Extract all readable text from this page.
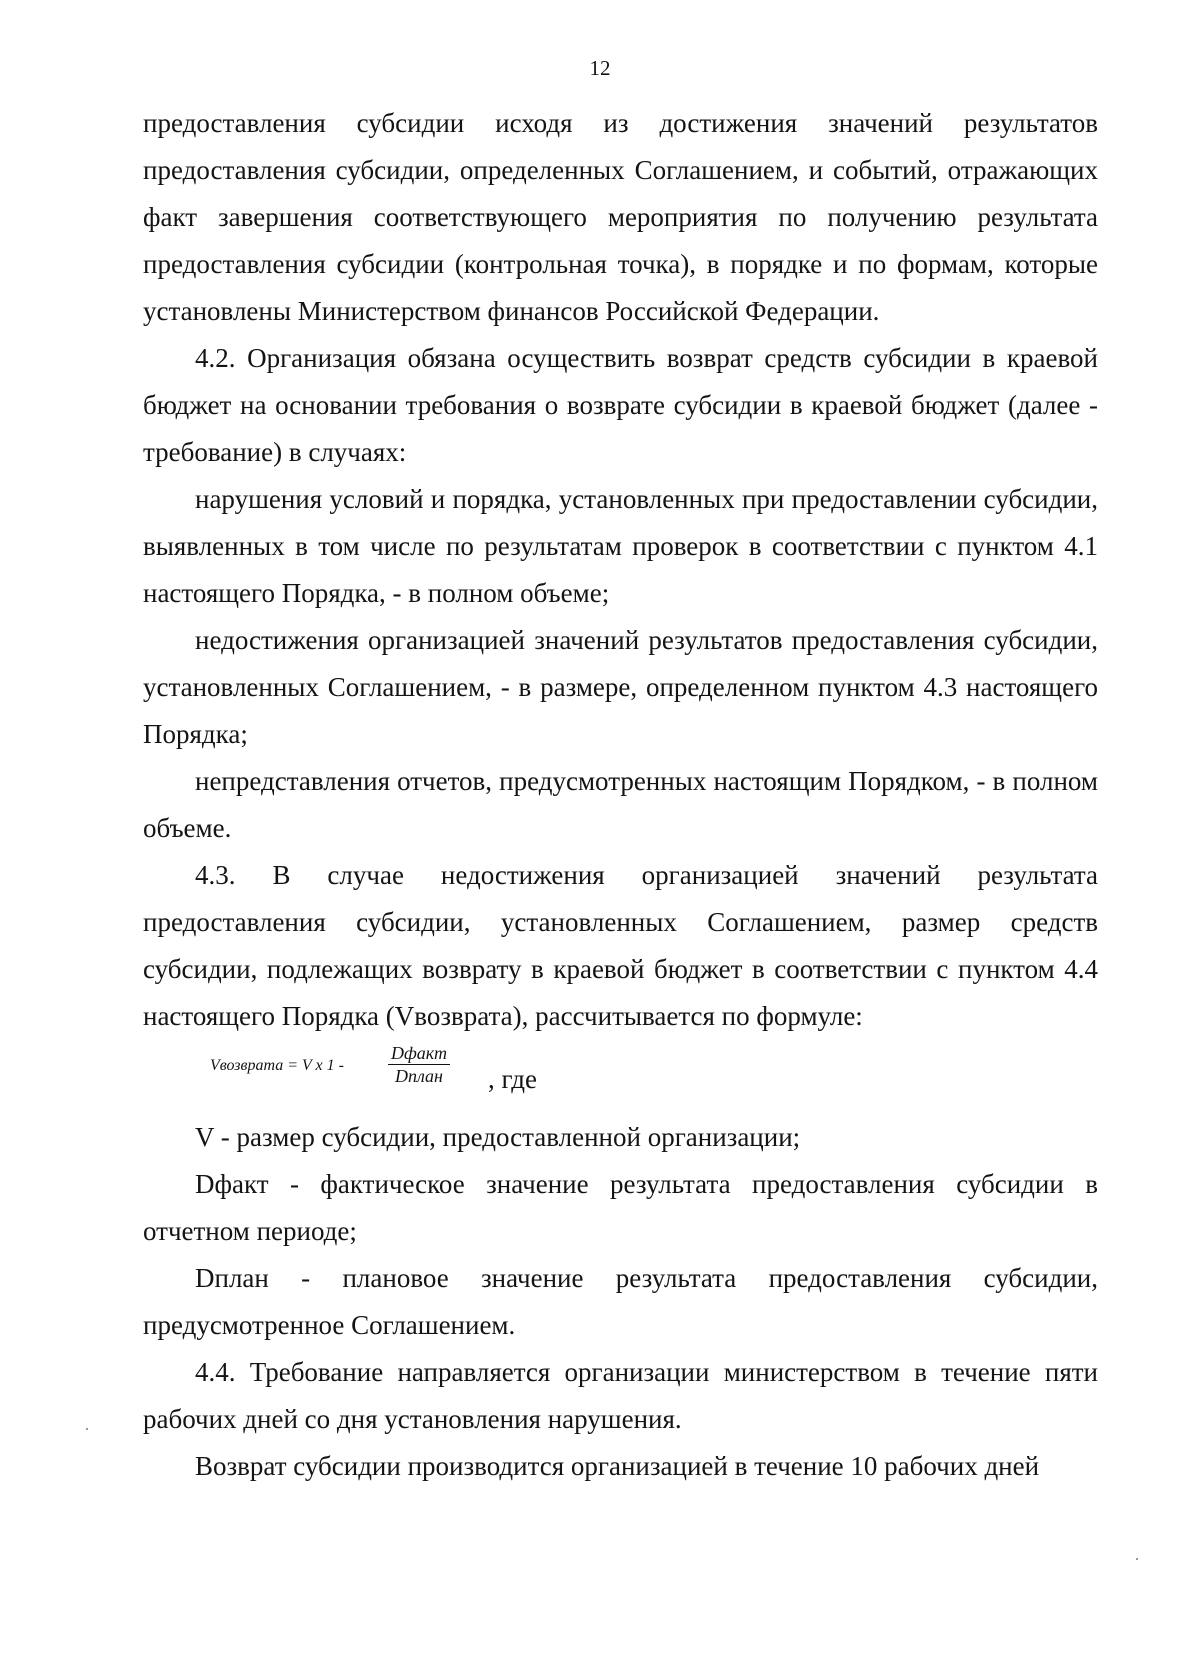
12

предоставления субсидии исходя из достижения значений результатов предоставления субсидии, определенных Соглашением, и событий, отражающих факт завершения соответствующего мероприятия по получению результата предоставления субсидии (контрольная точка), в порядке и по формам, которые установлены Министерством финансов Российской Федерации.

4.2. Организация обязана осуществить возврат средств субсидии в краевой бюджет на основании требования о возврате субсидии в краевой бюджет (далее - требование) в случаях:

нарушения условий и порядка, установленных при предоставлении субсидии, выявленных в том числе по результатам проверок в соответствии с пунктом 4.1 настоящего Порядка, - в полном объеме;

недостижения организацией значений результатов предоставления субсидии, установленных Соглашением, - в размере, определенном пунктом 4.3 настоящего Порядка;

непредставления отчетов, предусмотренных настоящим Порядком, - в полном объеме.

4.3. В случае недостижения организацией значений результата предоставления субсидии, установленных Соглашением, размер средств субсидии, подлежащих возврату в краевой бюджет в соответствии с пунктом 4.4 настоящего Порядка (Vвозврата), рассчитывается по формуле:

Vвозврата = V x 1 -
Dфакт
Dплан , где

V - размер субсидии, предоставленной организации;

Dфакт - фактическое значение результата предоставления субсидии в отчетном периоде;

Dплан - плановое значение результата предоставления субсидии, предусмотренное Соглашением.

4.4. Требование направляется организации министерством в течение пяти рабочих дней со дня установления нарушения.

Возврат субсидии производится организацией в течение 10 рабочих дней
